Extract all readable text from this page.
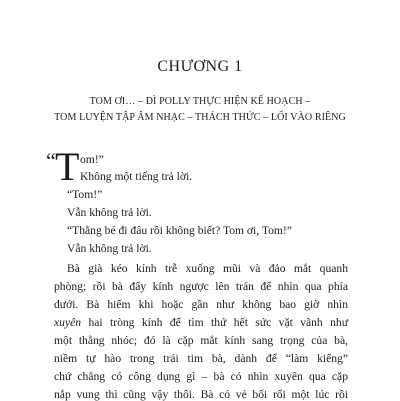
CHƯƠNG 1

TOM ƠI… – DÌ POLLY THỰC HIỆN KẾ HOẠCH –

TOM LUYỆN TẬP ÂM NHẠC – THÁCH THỨC – LỐI VÀO RIÊNG

“ T om!”
Không một tiếng trả lời.
“Tom!”
Vẫn không trả lời.
“Thằng bé đi đâu rồi không biết? Tom ơi, Tom!”
Vẫn không trả lời.
Bà già kéo kính trễ xuống mũi và đảo mắt quanh
phòng; rồi bà đẩy kính ngược lên trán để nhìn qua phía
dưới. Bà hiếm khi hoặc gần như không bao giờ nhìn
xuyên hai tròng kính để tìm thứ hết sức vặt vãnh như
một thằng nhóc; đó là cặp mắt kính sang trọng của bà,
niềm tự hào trong trái tim bà, dành để “làm kiểng”
chứ chẳng có công dụng gì – bà có nhìn xuyên qua cặp
nắp vung thì cũng vậy thôi. Bà có vẻ bối rối một lúc rồi
